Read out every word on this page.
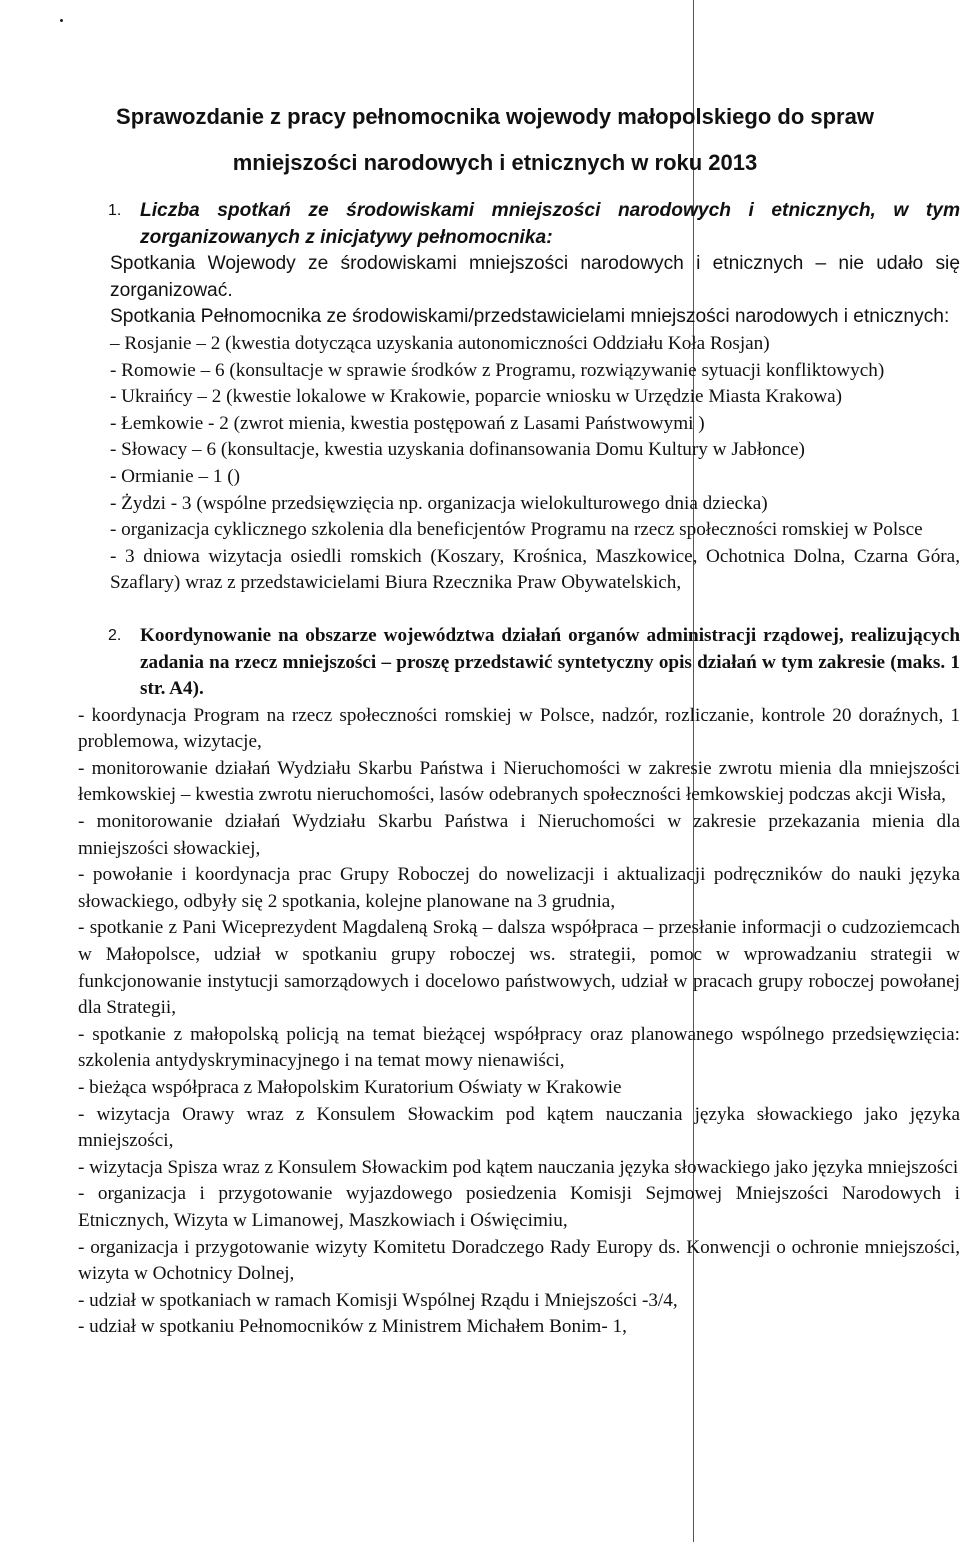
Sprawozdanie z pracy pełnomocnika wojewody małopolskiego do spraw
mniejszości narodowych i etnicznych w roku 2013
1. Liczba spotkań ze środowiskami mniejszości narodowych i etnicznych, w tym zorganizowanych z inicjatywy pełnomocnika:

Spotkania Wojewody ze środowiskami mniejszości narodowych i etnicznych – nie udało się zorganizować.

Spotkania Pełnomocnika ze środowiskami/przedstawicielami mniejszości narodowych i etnicznych:

– Rosjanie – 2 (kwestia dotycząca uzyskania autonomiczności Oddziału Koła Rosjan)

- Romowie – 6 (konsultacje w sprawie środków z Programu, rozwiązywanie sytuacji konfliktowych)

- Ukraińcy – 2 (kwestie lokalowe w Krakowie, poparcie wniosku w Urzędzie Miasta Krakowa)

- Łemkowie - 2 (zwrot mienia, kwestia postępowań z Lasami Państwowymi )

- Słowacy – 6 (konsultacje, kwestia uzyskania dofinansowania Domu Kultury w Jabłonce)

- Ormianie – 1 ()

- Żydzi - 3 (wspólne przedsięwzięcia np. organizacja wielokulturowego dnia dziecka)

- organizacja cyklicznego szkolenia dla beneficjentów Programu na rzecz społeczności romskiej w Polsce

- 3 dniowa wizytacja osiedli romskich (Koszary, Krośnica, Maszkowice, Ochotnica Dolna, Czarna Góra, Szaflary) wraz z przedstawicielami Biura Rzecznika Praw Obywatelskich,

2. Koordynowanie na obszarze województwa działań organów administracji rządowej, realizujących zadania na rzecz mniejszości – proszę przedstawić syntetyczny opis działań w tym zakresie (maks. 1 str. A4).

- koordynacja Program na rzecz społeczności romskiej w Polsce, nadzór, rozliczanie, kontrole 20 doraźnych, 1 problemowa, wizytacje,

- monitorowanie działań Wydziału Skarbu Państwa i Nieruchomości w zakresie zwrotu mienia dla mniejszości łemkowskiej – kwestia zwrotu nieruchomości, lasów odebranych społeczności łemkowskiej podczas akcji Wisła,

- monitorowanie działań Wydziału Skarbu Państwa i Nieruchomości w zakresie przekazania mienia dla mniejszości słowackiej,

- powołanie i koordynacja prac Grupy Roboczej do nowelizacji i aktualizacji podręczników do nauki języka słowackiego, odbyły się 2 spotkania, kolejne planowane na 3 grudnia,

- spotkanie z Pani Wiceprezydent Magdaleną Sroką – dalsza współpraca – przesłanie informacji o cudzoziemcach w Małopolsce, udział w spotkaniu grupy roboczej ws. strategii, pomoc w wprowadzaniu strategii w funkcjonowanie instytucji samorządowych i docelowo państwowych, udział w pracach grupy roboczej powołanej dla Strategii,

- spotkanie z małopolską policją na temat bieżącej współpracy oraz planowanego wspólnego przedsięwzięcia: szkolenia antydyskryminacyjnego i na temat mowy nienawiści,

- bieżąca współpraca z Małopolskim Kuratorium Oświaty w Krakowie

- wizytacja Orawy wraz z Konsulem Słowackim pod kątem nauczania języka słowackiego jako języka mniejszości,

- wizytacja Spisza wraz z Konsulem Słowackim pod kątem nauczania języka słowackiego jako języka mniejszości

- organizacja i przygotowanie wyjazdowego posiedzenia Komisji Sejmowej Mniejszości Narodowych i Etnicznych, Wizyta w Limanowej, Maszkowiach i Oświęcimiu,

- organizacja i przygotowanie wizyty Komitetu Doradczego Rady Europy ds. Konwencji o ochronie mniejszości, wizyta w Ochotnicy Dolnej,

- udział w spotkaniach w ramach Komisji Wspólnej Rządu i Mniejszości -3/4,

- udział w spotkaniu Pełnomocników z Ministrem Michałem Bonim- 1,
